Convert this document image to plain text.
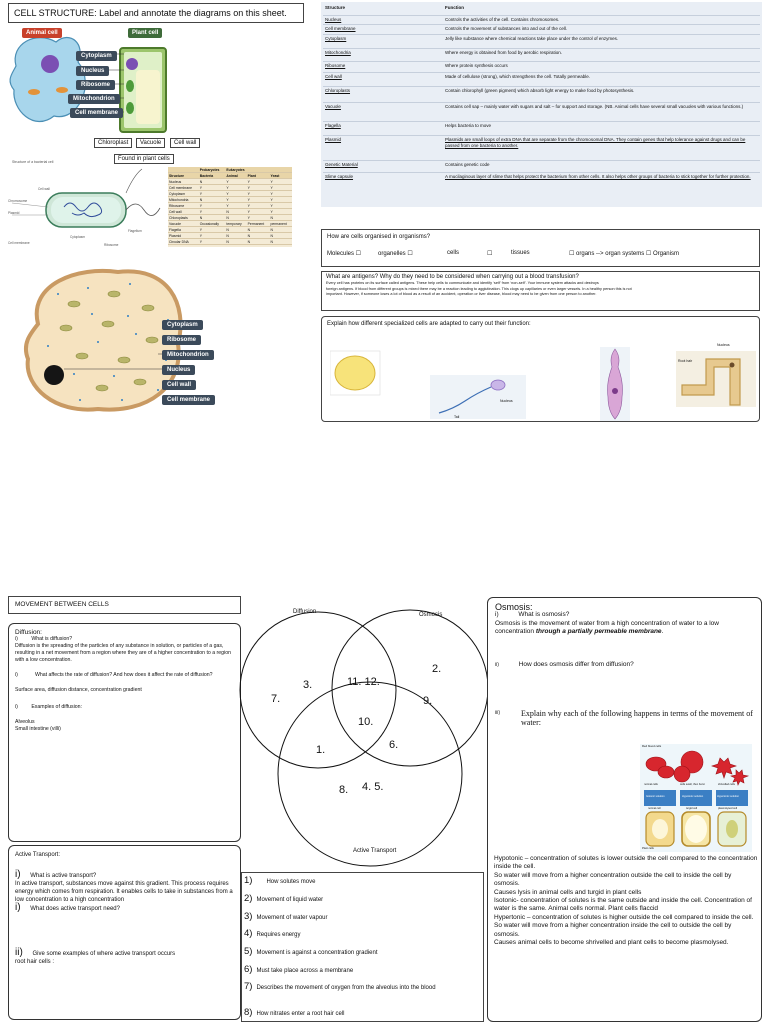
CELL STRUCTURE: Label and annotate the diagrams on this sheet.
Animal cell	Plant cell
Cytoplasm
Nucleus
Ribosome
Mitochondrion
Cell membrane
Chloroplast	Vacuole	Cell wall
Found in plant cells
Structure of a bacterial cell
Chromosome
Plasmid
Cell wall
Cell membrane
Cytoplasm
Flagellum
Ribosome
	Prokaryotes	Eukaryotes		
Structure	Bacteria	Animal	Plant	Yeast
Nucleus	N	Y	Y	Y
Cell membrane	Y	Y	Y	Y
Cytoplasm	Y	Y	Y	Y
Mitochondria	N	Y	Y	Y
Ribosome	Y	Y	Y	Y
Cell wall	Y	N	Y	Y
Chloroplasts	N	N	Y	N
Vacuole	Occasionally	temporary	Permanent	permanent
Flagella	Y	N	N	N
Plasmid	Y	N	N	N
Circular DNA	Y	N	N	N
Cytoplasm
Ribosome
Mitochondrion
Nucleus
Cell wall
Cell membrane
Structure	Function
Nucleus	Controls the activities of the cell. Contains chromosomes.
Cell membrane	Controls the movement of substances into and out of the cell.
Cytoplasm	Jelly like substance where chemical reactions take place under the control of enzymes.
Mitochondria	Where energy is obtained from food by aerobic respiration.
Ribosome	Where protein synthesis occurs
Cell wall	Made of cellulose (strong), which strengthens the cell. Totally permeable.
Chloroplasts	Contain chlorophyll (green pigment) which absorb light energy to make food by photosynthesis.
Vacuole	Contains cell sap – mainly water with sugars and salt – for support and storage. (NB. Animal cells have several small vacuoles with various functions.)
Flagella	Helps bacteria to move
Plasmid	Plasmids are small loops of extra DNA that are separate from the chromosomal DNA. They contain genes that help tolerance against drugs and can be passed from one bacteria to another.
Genetic Material	Contains genetic code
Slime capsule	A mucilaginous layer of slime that helps protect the bacterium from other cells. It also helps other groups of bacteria to stick together for further protection.
How are cells organised in organisms?
Molecules ☐	organelles ☐	cells	☐	tissues	☐ organs --> organ systems ☐ Organism
What are antigens? Why do they need to be considered when carrying out a blood transfusion?
Every cell has proteins on its surface called antigens. These help cells to communicate and identify ‘self’ from ‘non-self’. Your immune system attacks and destroys
foreign antigens. If blood from different groups is mixed there may be a reaction leading to agglutination. This clogs up capillaries or even larger vessels. In a healthy person this is not
important. However, if someone loses a lot of blood as a result of an accident, operation or liver disease, blood may need to be given from one person to another.
Explain how different specialized cells are adapted to carry out their function:
Nucleus
Root hair
Tail
Nucleus
MOVEMENT BETWEEN CELLS
Diffusion:
i)	What is diffusion?
Diffusion is the spreading of the particles of any substance in solution, or particles of a gas, resulting in a net movement from a region where they are of a higher concentration to a region with a low concentration.
i)	What affects the rate of diffusion? And how does it affect the rate of diffusion?
Surface area, diffusion distance, concentration gradient
i)	Examples of diffusion:
Alveolus
Small intestine (villi)
Active Transport:
i) What is active transport?
In active transport, substances move against this gradient. This process requires energy which comes from respiration. It enables cells to take in substances from a low concentration to a high concentration
i) What does active transport need?
ii) Give some examples of where active transport occurs
root hair cells :
Diffusion	Osmosis
Active Transport
7.
3.	11. 12.
2.
9.
10.
1.	6.
8. 4. 5.
1) How solutes move
2) Movement of liquid water
3) Movement of water vapour
4) Requires energy
5) Movement is against a concentration gradient
6) Must take place across a membrane
7) Describes the movement of oxygen from the alveolus into the blood
8) How nitrates enter a root hair cell
Osmosis:
i)	What is osmosis?
Osmosis is the movement of water from a high concentration of water to a low concentration through a partially permeable membrane.
ii)	How does osmosis differ from diffusion?
iii)	Explain why each of the following happens in terms of the movement of water:
Red blood cells
normal cells	cells swell, then burst	shrivelled cells
Isotonic solution	Hypotonic solution	Hypertonic solution
normal cell	turgid cell	plasmolysed cell
Plant cells
Hypotonic – concentration of solutes is lower outside the cell compared to the concentration inside the cell.
So water will move from a higher concentration outside the cell to inside the cell by osmosis.
Causes lysis in animal cells and turgid in plant cells
Isotonic- concentration of solutes is the same outside and inside the cell. Concentration of water is the same. Animal cells normal. Plant cells flaccid
Hypertonic – concentration of solutes is higher outside the cell compared to inside the cell.
So water will move from a higher concentration inside the cell to outside the cell by osmosis.
Causes animal cells to become shrivelled and plant cells to become plasmolysed.
